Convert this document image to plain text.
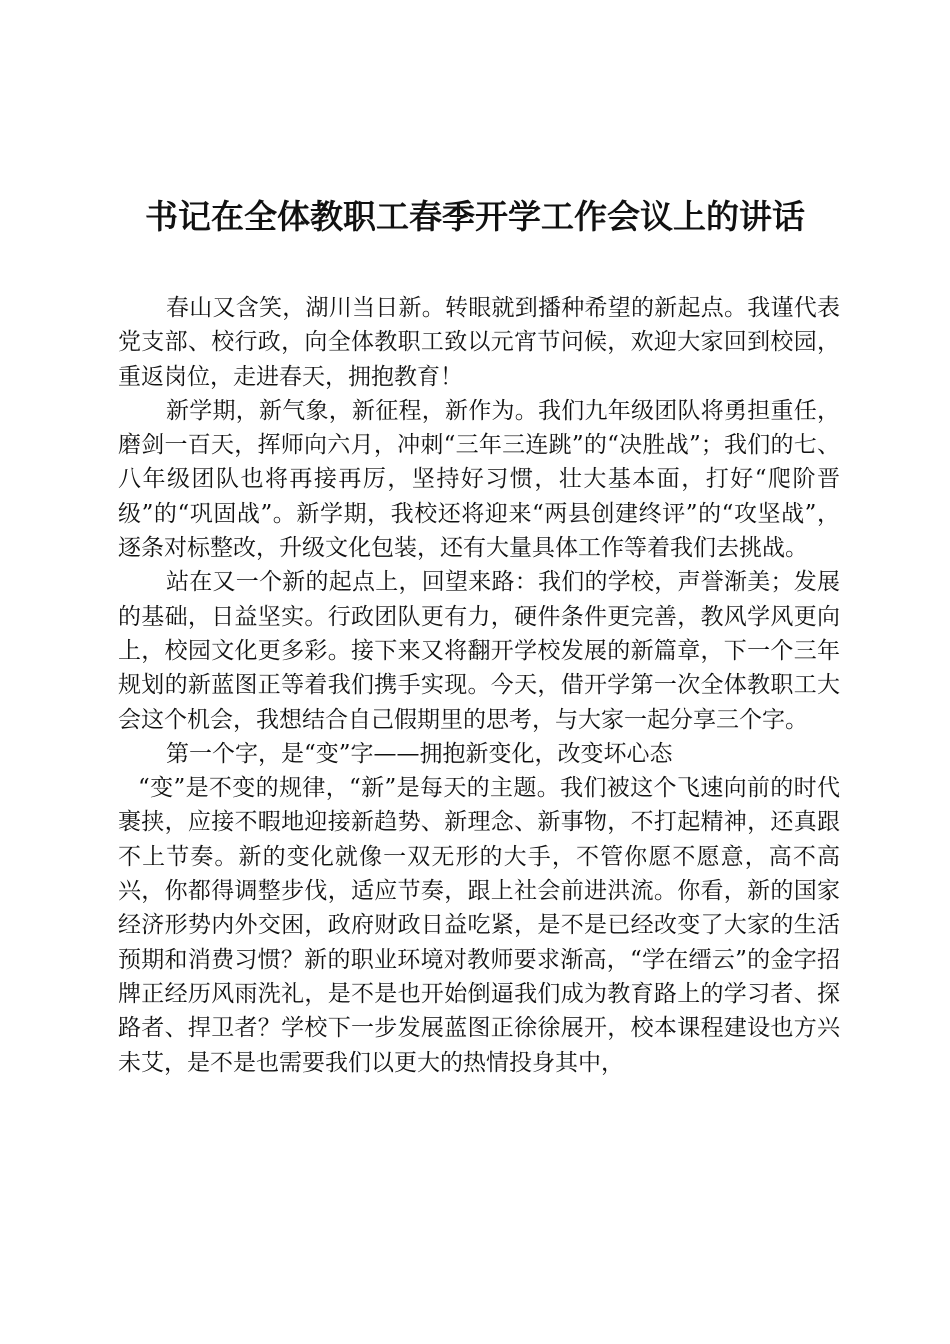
书记在全体教职工春季开学工作会议上的讲话

春山又含笑，湖川当日新。转眼就到播种希望的新起点。我谨代表党支部、校行政，向全体教职工致以元宵节问候，欢迎大家回到校园，重返岗位，走进春天，拥抱教育！

新学期，新气象，新征程，新作为。我们九年级团队将勇担重任，磨剑一百天，挥师向六月，冲刺“三年三连跳”的“决胜战”；我们的七、八年级团队也将再接再厉，坚持好习惯，壮大基本面，打好“爬阶晋级”的“巩固战”。新学期，我校还将迎来“两县创建终评”的“攻坚战”，逐条对标整改，升级文化包装，还有大量具体工作等着我们去挑战。

站在又一个新的起点上，回望来路：我们的学校，声誉渐美；发展的基础，日益坚实。行政团队更有力，硬件条件更完善，教风学风更向上，校园文化更多彩。接下来又将翻开学校发展的新篇章，下一个三年规划的新蓝图正等着我们携手实现。今天，借开学第一次全体教职工大会这个机会，我想结合自己假期里的思考，与大家一起分享三个字。

第一个字，是“变”字——拥抱新变化，改变坏心态

“变”是不变的规律，“新”是每天的主题。我们被这个飞速向前的时代裹挟，应接不暇地迎接新趋势、新理念、新事物，不打起精神，还真跟不上节奏。新的变化就像一双无形的大手，不管你愿不愿意，高不高兴，你都得调整步伐，适应节奏，跟上社会前进洪流。你看，新的国家经济形势内外交困，政府财政日益吃紧，是不是已经改变了大家的生活预期和消费习惯？新的职业环境对教师要求渐高，“学在缙云”的金字招牌正经历风雨洗礼，是不是也开始倒逼我们成为教育路上的学习者、探路者、捍卫者？学校下一步发展蓝图正徐徐展开，校本课程建设也方兴未艾，是不是也需要我们以更大的热情投身其中，
